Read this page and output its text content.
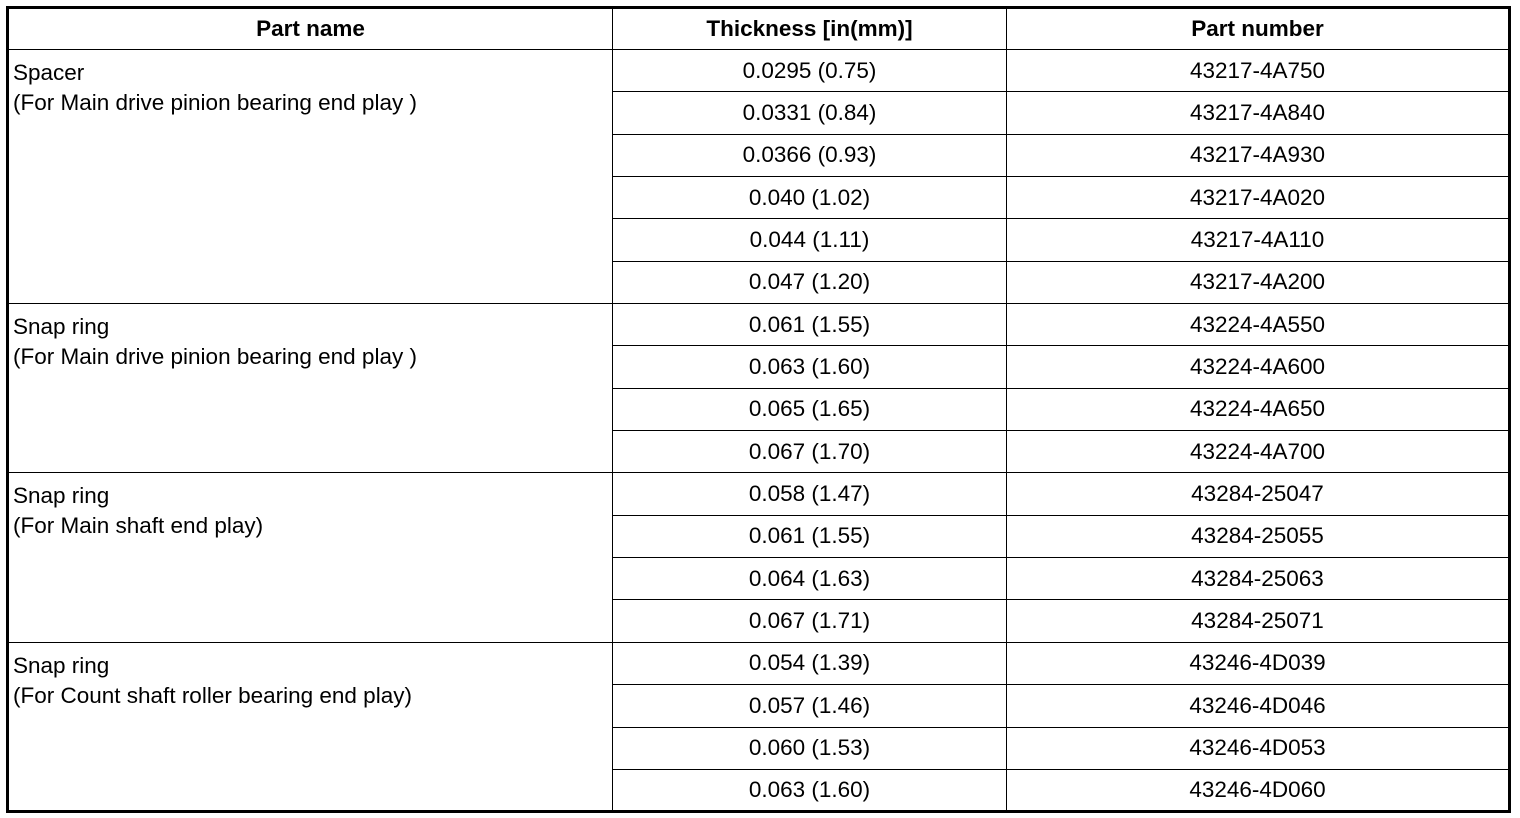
Part name	Thickness [in(mm)]	Part number

Spacer
(For Main drive pinion bearing end play )	0.0295 (0.75)	43217-4A750
	0.0331 (0.84)	43217-4A840
	0.0366 (0.93)	43217-4A930
	0.040 (1.02)	43217-4A020
	0.044 (1.11)	43217-4A110
	0.047 (1.20)	43217-4A200

Snap ring
(For Main drive pinion bearing end play )	0.061 (1.55)	43224-4A550
	0.063 (1.60)	43224-4A600
	0.065 (1.65)	43224-4A650
	0.067 (1.70)	43224-4A700

Snap ring
(For Main shaft end play)	0.058 (1.47)	43284-25047
	0.061 (1.55)	43284-25055
	0.064 (1.63)	43284-25063
	0.067 (1.71)	43284-25071

Snap ring
(For Count shaft roller bearing end play)	0.054 (1.39)	43246-4D039
	0.057 (1.46)	43246-4D046
	0.060 (1.53)	43246-4D053
	0.063 (1.60)	43246-4D060
